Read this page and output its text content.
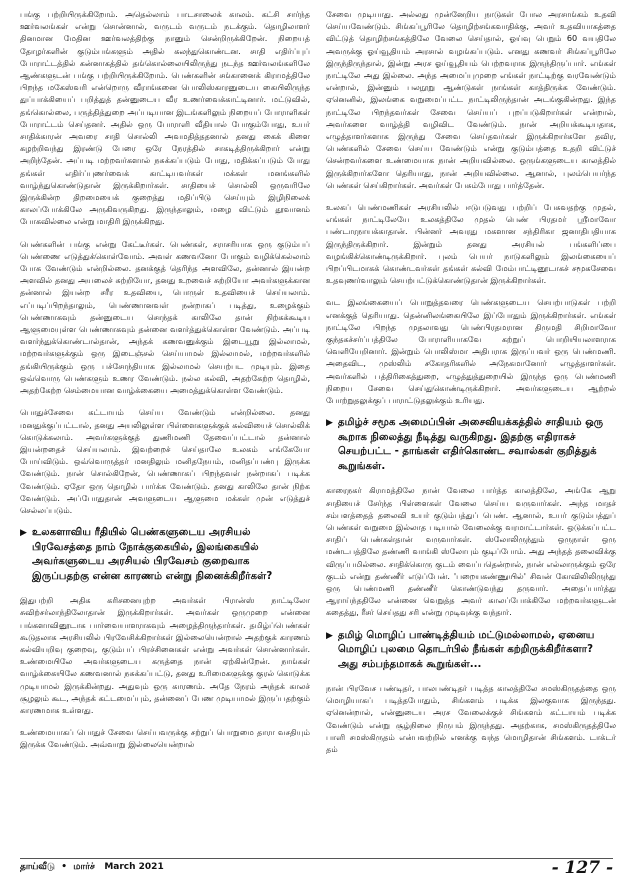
பங்கு பற்றியிருக்கிறோம். அதெல்லாம் பாடசாலைக் காலம். கட்சி சார்ந்த ஊர்வலங்கள் என்று சொன்னால், வருடம் வருடம் நடக்கும். தொழிலாளர் தினமான மேதின ஊர்வலத்திற்கு நானும் சென்றிருக்கிறேன். நிறையத் தோழர்களின் குடும்பங்களும் அதில் கலந்துகொண்டன. சாதி எதிர்ப்புப் போராட்டத்தில் கன்னாகத்தில் தங்கொல்லையிலிருந்து நடந்த ஊர்வலங்களிலே ஆண்களுடன் பங்கு பற்றியிருக்கிறோம். பெண்களின் சங்கானைக் கிராமத்திலே பிறந்த மகேஸ்வரி என்றொரு வீராங்கனை பொலிஸ்காரனுடைய கையிலிருந்த துப்பாக்கியைப் பறித்துத் தன்னுடைய வீர உணர்வைக்காட்டினார். மட்டுவில், தங்கொல்லை, பருத்தித்துறை அப்படியான இடங்களிலும் நிறையப் போராளிகள் போராட்டம் செய்தனர். அதில் ஒரு போராளி வீதியால் போகும்போது, உயர் சாதிக்காரன் அவரை சாதி சொல்லி அவமதித்ததனால் தனது கைக் கிளை கழற்றிவந்து இரண்டு பேரை ஒரே நேரத்தில் சாகடித்திருக்கிறார் என்று அறிந்தேன். அப்படி மற்றவர்களால் நசுக்கப்படும் போது, மதிக்கப்படும் போது தங்கள் எதிர்ப்புணர்வைக் காட்டியவர்கள் மக்கள் மனங்களில் வாழ்ந்துகொண்டுதான் இருக்கிறார்கள். சாதியைச் சொல்லி ஒருவரிலே இருக்கின்ற திறமையைக் குறைத்து மதிப்பிடு செய்யும் இழிநிலைக் காலப்போக்கிலே அருகிவருகிறது. இருந்தாலும், மழை விட்டும் தூவானம் போகவில்லை என்று மாதிரி இருக்கிறது.

பெண்களின் பங்கு என்று கேட்டீர்கள். பெண்கள், சராசரியாக ஒரு குடும்பப் பெண்ணை எடுத்துக்கொள்வோம். அவள் கணவனோ போகும் வழிக்கெல்லாம் போக வேண்டும் என்றில்லை. தனக்குத் தெரிந்த அளவிலே, தன்னால் இயன்ற அளவில் தனது அயலைச் சுற்றியோ, தனது உறவைச் சுற்றியோ அவர்களுக்கான தன்னால் இயன்ற சரீர உதவியை, பொருள் உதவியைச் செய்யலாம். எப்படிப்பிறந்தாலும், பெண்ணானவள் நன்றாகப் படித்து, உழைக்கும் பெண்ணாகவும் தன்னுடைய சொந்தக் காலிலே தான் நிற்கக்கூடிய ஆளுமையுள்ள பெண்ணாகவும் தன்னை வளர்த்துக்கொள்ள வேண்டும். அப்படி வளர்ந்துக்கொண்டால்தான், அந்தக் கணவனுக்கும் இடையூறு இல்லாமல், மற்றவர்களுக்கும் ஒரு இடைஞ்சல் செய்யாமல் இல்லாமல், மற்றவர்களில் தங்கியிருக்கும் ஒரு பச்சோந்தியாக இல்லாமல் செயற்பட முடியும். இதை ஒவ்வொரு பெண்களும் உணர வேண்டும். நல்ல கல்வி, அதற்கேற்ற தொழில், அதற்கேற்ற செம்மையான வாழ்க்கையை அமைத்துக்கொள்ள வேண்டும்.

பொதுச்சேவை கட்டாயம் செய்ய வேண்டும் என்றில்லை. தனது மனதுக்குப்பட்டால், தனது அயலிலுள்ள பிள்ளைகளுக்குக் கல்வியைச் சொல்லிக் கொடுக்கலாம். அவர்களுக்குத் துணிமணி தேவைப்பட்டால் தன்னால் இயன்றதைச் செய்யலாம். இவற்றைச் செய்தாலே உலகம் எங்கேயோ போய்விடும். ஒவ்வொருத்தர் மனதிலும் மனிதநேயம், மனிதப்பண்பு இருக்க வேண்டும். நான் சொல்கிறேன், பெண்ணாகப் பிறந்தவள் நன்றாகப் படிக்க வேண்டும். ஏதோ ஒரு தொழில் பார்க்க வேண்டும். தனது காலிலே தான் நிற்க வேண்டும். அப்போதுதான் அவளுடைய ஆளுமை மக்கள் முன் எடுத்துச் செல்லப்படும்.

▶ உலகளாவிய ரீதியில் பெண்களுடைய அரசியல் பிரவேசத்தை நாம் நோக்குகையில், இலங்கையில் அவர்களுடைய அரசியல் பிரவேசம் குறைவாக இருப்பதற்கு என்ன காரணம் என்று நினைக்கிறீர்கள்?

இதுபற்றி அதிக கரிசனையுற்ற அவர்கள் பிரான்ஸ் நாட்டிலோ சுவிற்சர்லாந்திலோதான் இருக்கிறார்கள். அவர்கள் ஒருமுறை என்னை பங்களாவினூடாக பார்வையாளராகவும் அழைத்திருந்தார்கள். தமிழ்ப்பெண்கள் கூடுதலாக அரசியலில் பிரவேசிக்கிறார்கள் இல்லையென்றால் அதற்குக் காரணம் கல்வியறிவு குறைவு, குடும்பப் பிரச்சினைகள் என்று அவர்கள் சொன்னார்கள். உண்மையிலே அவர்களுடைய கருத்தை நான் ஏற்கின்றேன். நாங்கள் வாழ்க்கையிலே கணவனால் நசுக்கப்பட்டு, தனது உரிமைகளுக்கு குரல் கொடுக்க முடியாமல் இருக்கின்றது. அதுவும் ஒரு காரணம். அதே நேரம் அந்தக் காலச் சூழலும் கூட, அந்தக் கட்டமைப்பும், தன்னைப் பேண முடியாமல் இருப்பதற்கும் காரணமாக உள்ளது.

உண்மையாகப் பொதுச் சேவை செய்பவருக்கு சற்றுப் பொறுமை தாரா வசதியும் இருக்க வேண்டும். அவ்வாறு இல்லையென்றால்

சேவை முடியாது. அல்லது முன்னேறிய நாடுகள் போல அரசாங்கம் உதவி செய்யவேண்டும். சிங்கப்பூரிலே தொழிற்சங்கவாதிக்கு, அவர் உதவியாகத்தை விட்டுத் தொழிற்சங்கத்திலே வேலை செய்தால், ஓய்வு பெறும் 60 வயதிலே அவருக்கு ஓய்வூதியம் அரசால் வழங்கப்படும். எனது கணவர் சிங்கப்பூரிலே இருந்திருந்தால், இன்று அரச ஓய்வூதியம் பெற்றவராக இருந்திருப்பார். எங்கள் நாட்டிலே அது இல்லை. அந்த அமைப்புமுறை எங்கள் நாட்டிற்கு வரவேண்டும் என்றால், இன்னும் பலநூறு ஆண்டுகள் நாங்கள் காத்திருக்க வேண்டும். ஏனெனில், இலங்கை வறுமைப்பட்ட நாட்டிலிருந்தான் அடங்குகின்றது. இந்த நாட்டிலே பிறந்தவர்கள் சேவை செய்யப் புறப்படுகிறார்கள் என்றால், அவர்களை வாழ்த்தி வழிவிட வேண்டும். நான் அறியக்கூடியதாக, எழுத்தாளர்களாக இருந்து சேவை செய்தவர்கள் இருக்கிறார்களே தவிர, பெண்களில் சேவை செய்ய வேண்டும் என்று குடும்பத்தை உதறி விட்டுச் சென்றவர்களை உண்மையாக நான் அறியவில்லை. ஒருங்களுடைய காலத்தில் இருக்கிறார்களோ தெரியாது, நான் அறியவில்லை. ஆனால், புலம்பெயர்ந்த பெண்கள் செய்கிறார்கள். அவர்கள் பேசும்போது பார்த்தேன்.

உலகப் பெண்மணிகள் அரசியலில் ஈடுபடுவது பற்றிப் பேசுவதற்கு முதல், எங்கள் நாட்டிலேயே உலகத்திலே முதல் பெண் பிரதமர் ஸ்ரீமாவோ பண்டாரநாயக்காதான். பின்னர் அவரது மகளான சந்திரிகா ஜனாதிபதியாக இருந்திருக்கிறார். இன்றும் தனது அரசியல் பங்களிப்பை வழங்கிக்கொண்டிருக்கிறார். புலம் பெயர் நாடுகளிலும் இலங்கையைப் பிறப்பிடமாகக் கொண்டவர்கள் தங்கள் கல்வி மேம்பாட்டினூடாகச் சமூகசேவை உதவுணர்வாலும் செயற்பட்டுக்கொண்டுதான் இருக்கிறார்கள்.

வட இலங்கையைப் பொறுத்தவரை பெண்களுடைய செயற்பாடுகள் பற்றி எனக்குத் தெரியாது. தென்னிலங்கையிலே இப்போதும் இருக்கிறார்கள். எங்கள் நாட்டிலே பிறந்த முதலாவது பெண்பிரதமரான திருமதி சிறிமாவோ குந்தகச்சர்ப்பத்திலே போராளியாகவே கற்றுப் பொறியியலாளராக வெளியேறினார். இன்றும் பொலிஸ்மா அதிபராக இருப்பவர் ஒரு பெண்மணி. அதைவிட, முஸ்லிம் சகோதரிகளில் அநேகமானோர் எழுத்தாளர்கள். அவர்களில் பத்திரிகைத்துறை, எழுத்துத்துறையில் இருந்த ஒரு பெண்மணி நிறைய சேவை செய்துகொண்டிருக்கிறார். அவர்களுடைய ஆற்றல் போற்றுதலுக்குப் பாராட்டுதலுக்கும் உரியது.

▶ தமிழ்ச் சமூக அமைப்பின் அசைவியக்கத்தில் சாதியம் ஒரு கூறாக நிலைத்து நீடித்து வருகிறது. இதற்கு எதிராகச் செயற்பட்ட - தாங்கள் எதிர்கொண்ட சவால்கள் குறித்துக் கூறுங்கள்.

காரைநகர் கிராமத்திலே நான் வேலை பார்த்த காலத்திலே, அங்கே ஆறு சாதியைச் சேர்ந்த பிள்ளைகள் வேலை செய்ய வருவார்கள். அந்த மாதச் சம்பளத்தைத் தலைவி உயர் குடும்பத்துப் பெண். ஆனால், உயர் குடும்பத்துப் பெண்கள் வறுமை இல்லாத படியால் வேலைக்கு வரமாட்டார்கள். ஒடுக்கப்பட்ட சாதிப் பெண்கள்தான் வருவார்கள். ஸ்லோலிருந்தும் ஒருநாள் ஒரு மண்டபத்திலே தண்ணி வாங்கி ஸ்லோபும் குடிப்போம். அது அந்தத் தலைவிக்கு விருப்பமில்லை. சாதிக்கொரு குடம் வைப்பதென்றால், நான் எல்லாருக்கும் ஒரே குடம் என்று தண்ணீர் எடுப்பேன். 'பறையகண்ணுயில்' சிவன் கோவிலிலிருந்து ஒரு பெண்மணி தண்ணீர் கொண்டுவந்து தருவார். அதைப்பார்த்து ஆராய்ந்ததிலே என்னை வெறுத்த அவர் காலப்போக்கிலே மற்றவர்களுடன் கதைத்து, ரீசர் செய்தது சரி என்று முடிவுக்கு வந்தார்.

▶ தமிழ் மொழிப் பாண்டித்தியம் மட்டுமல்லாமல், ஏனைய மொழிப் புலமை தொடர்பில் நீங்கள் கற்றிருக்கிறீர்களா? அது சம்பந்தமாகக் கூறுங்கள்...

நான் பிரவேச பண்டிதர், பாலபண்டிதர் படித்த காலத்திலே சமஸ்கிருதத்தை ஒரு மொழியாகப் படித்தபோதும், சிங்களம் படிக்க இலகுவாக இருந்தது. ஏனென்றால், என்னுடைய அரச வேலைக்குச் சிங்களம் கட்டாயம் படிக்க வேண்டும் என்று சூழ்நிலை நிருபம் இருந்தது. அதற்காக, சமஸ்கிருதத்திலே பாளி சமஸ்கிருதம் என்பவற்றில் எனக்கு வந்த மொழிதான் சிங்களம். டாக்டர் தம்

தாய்வீடு • மார்ச் March 2021	- 127 -
